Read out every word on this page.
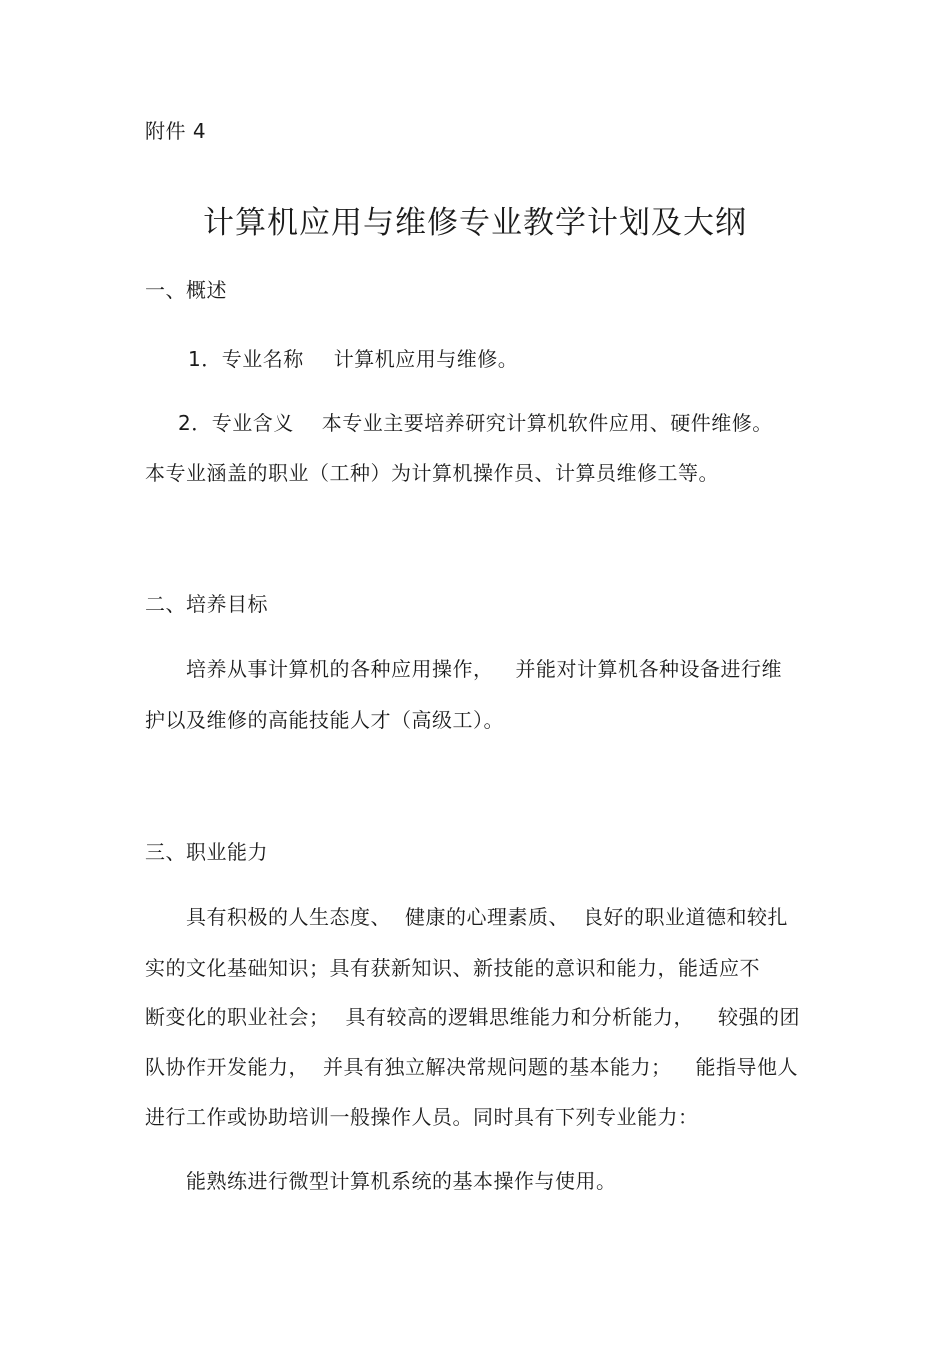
附件 4
计算机应用与维修专业教学计划及大纲
一、概述
1．专业名称 计算机应用与维修。
2．专业含义 本专业主要培养研究计算机软件应用、硬件维修。
本专业涵盖的职业（工种）为计算机操作员、计算员维修工等。
二、培养目标
培养从事计算机的各种应用操作， 并能对计算机各种设备进行维
护以及维修的高能技能人才（高级工）。
三、职业能力
具有积极的人生态度、 健康的心理素质、 良好的职业道德和较扎
实的文化基础知识；具有获新知识、新技能的意识和能力，能适应不
断变化的职业社会； 具有较高的逻辑思维能力和分析能力， 较强的团
队协作开发能力， 并具有独立解决常规问题的基本能力； 能指导他人
进行工作或协助培训一般操作人员。同时具有下列专业能力：
能熟练进行微型计算机系统的基本操作与使用。
